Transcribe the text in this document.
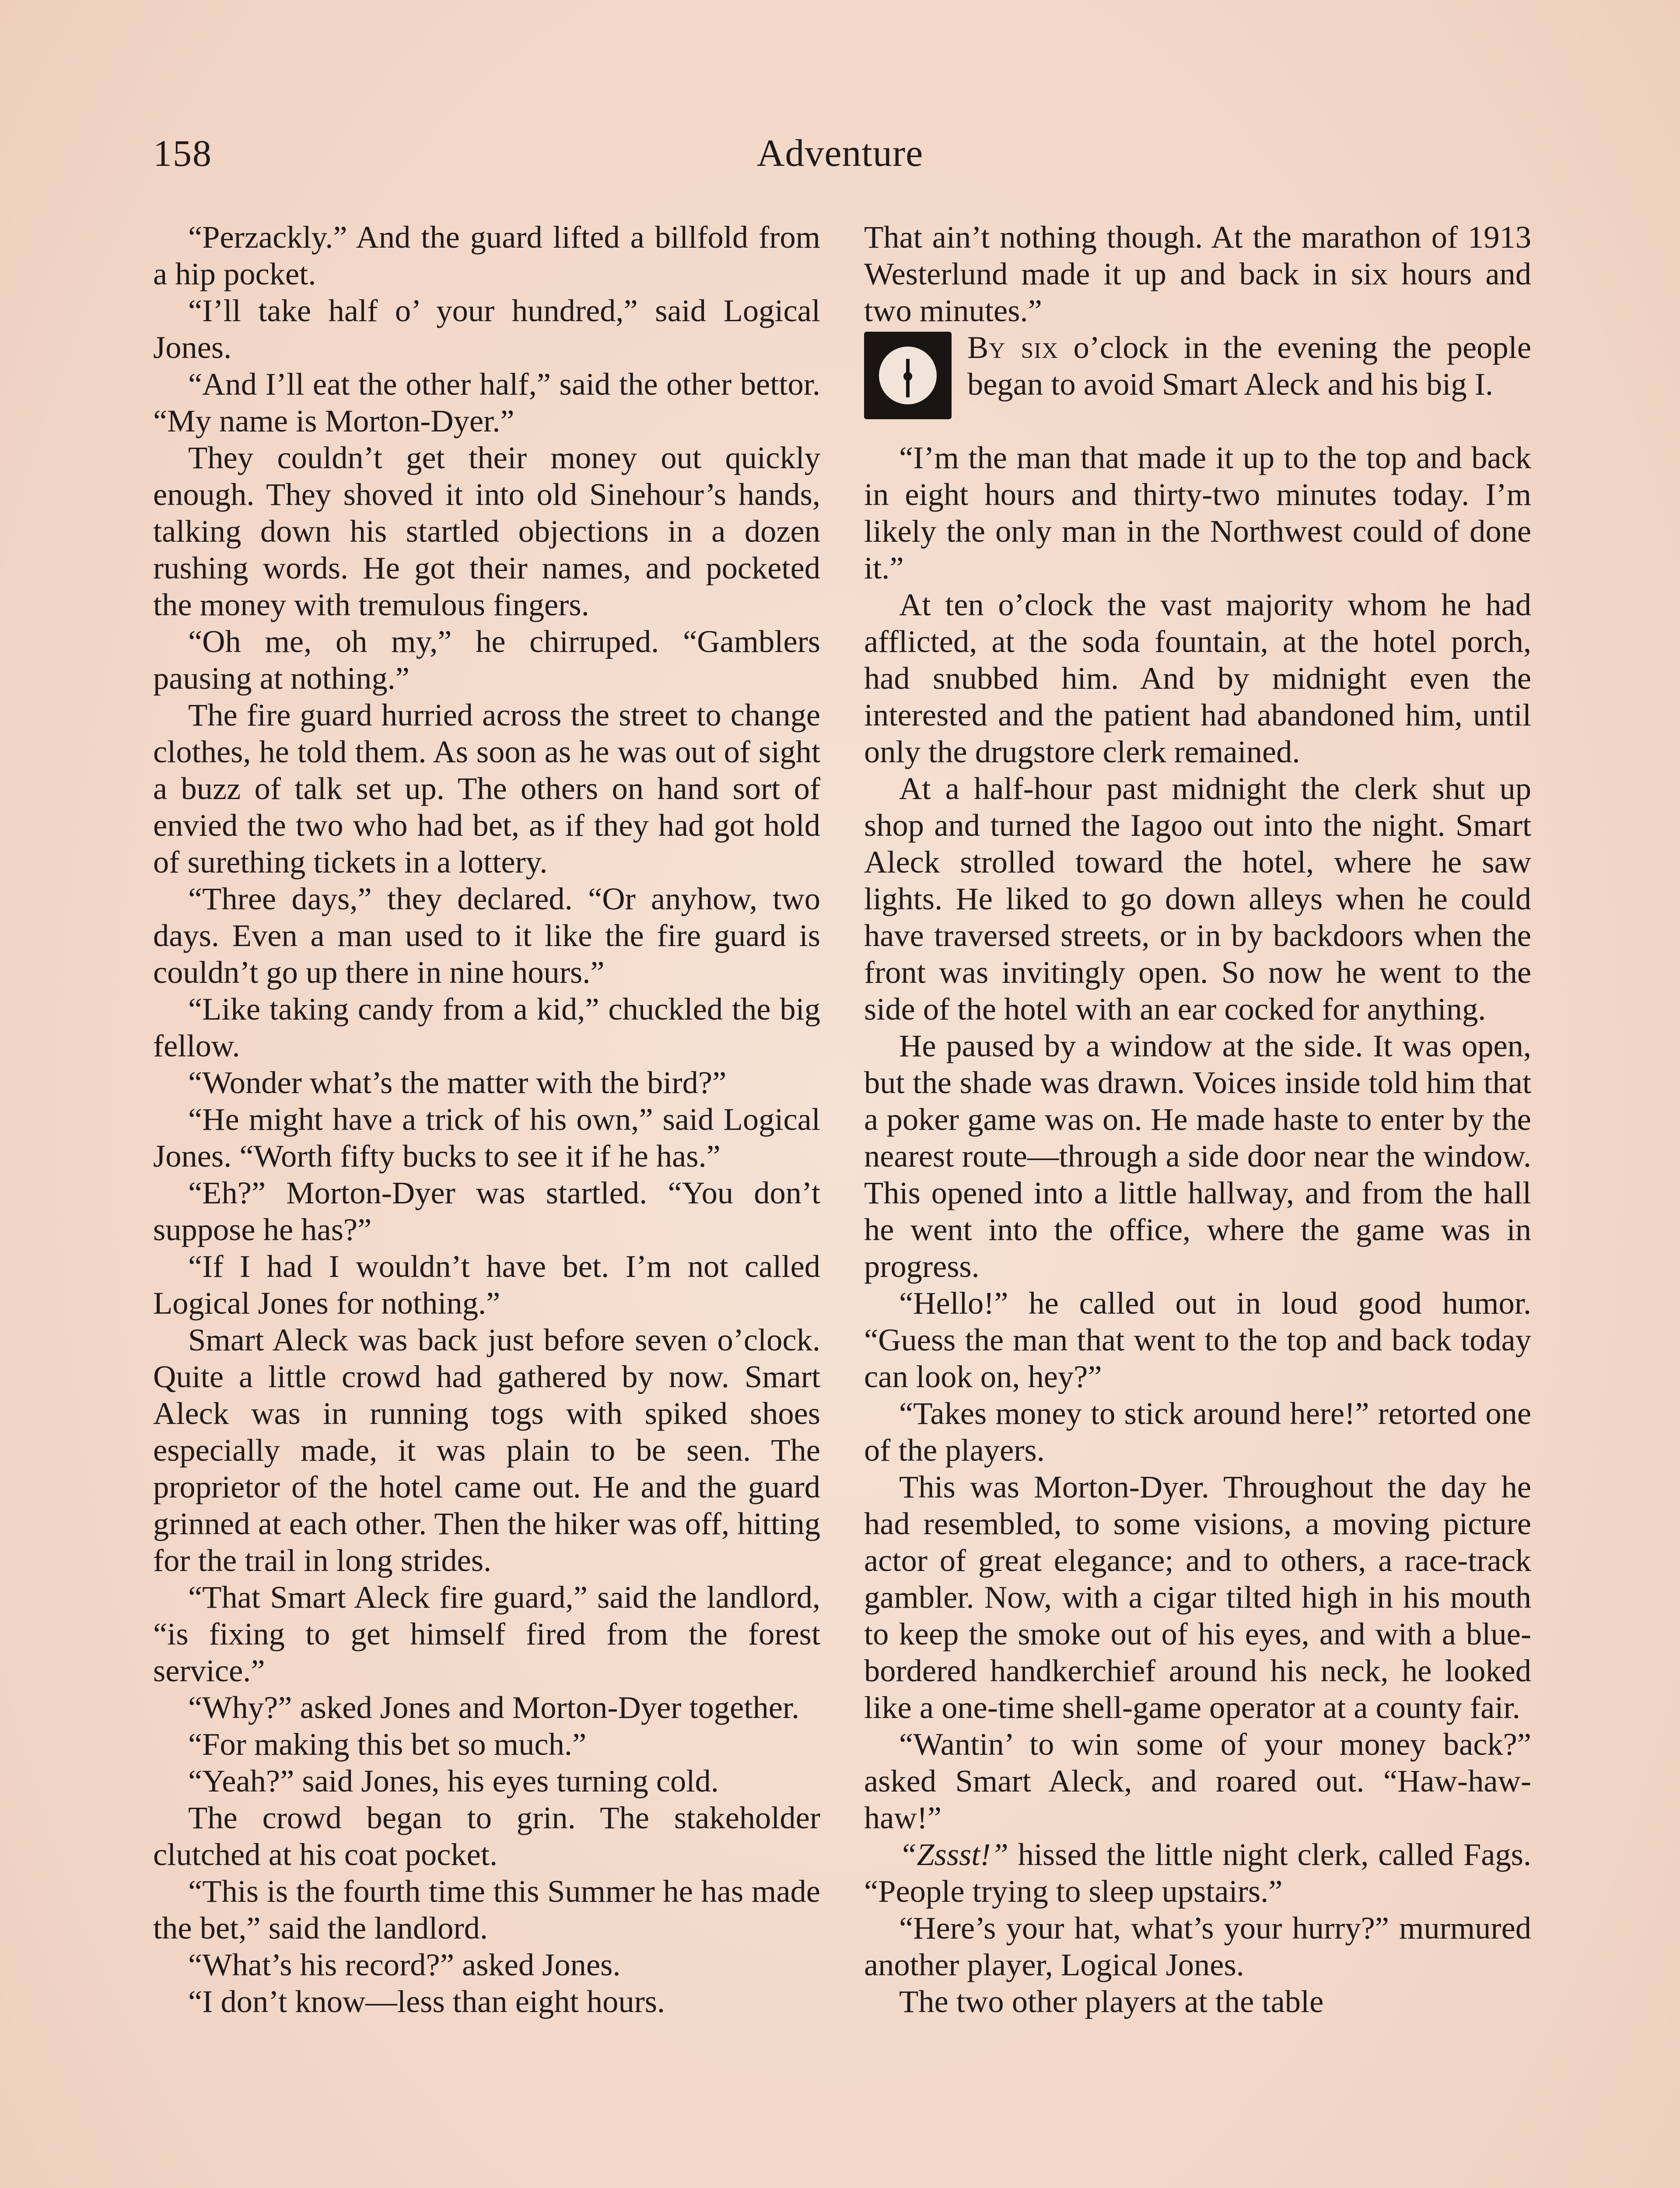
158	Adventure

“Perzackly.” And the guard lifted a billfold from a hip pocket.

“I’ll take half o’ your hundred,” said Logical Jones.

“And I’ll eat the other half,” said the other bettor. “My name is Morton-Dyer.”

They couldn’t get their money out quickly enough. They shoved it into old Sinehour’s hands, talking down his startled objections in a dozen rushing words. He got their names, and pocketed the money with tremulous fingers.

“Oh me, oh my,” he chirruped. “Gamblers pausing at nothing.”

The fire guard hurried across the street to change clothes, he told them. As soon as he was out of sight a buzz of talk set up. The others on hand sort of envied the two who had bet, as if they had got hold of surething tickets in a lottery.

“Three days,” they declared. “Or anyhow, two days. Even a man used to it like the fire guard is couldn’t go up there in nine hours.”

“Like taking candy from a kid,” chuckled the big fellow.

“Wonder what’s the matter with the bird?”

“He might have a trick of his own,” said Logical Jones. “Worth fifty bucks to see it if he has.”

“Eh?” Morton-Dyer was startled. “You don’t suppose he has?”

“If I had I wouldn’t have bet. I’m not called Logical Jones for nothing.”

Smart Aleck was back just before seven o’clock. Quite a little crowd had gathered by now. Smart Aleck was in running togs with spiked shoes especially made, it was plain to be seen. The proprietor of the hotel came out. He and the guard grinned at each other. Then the hiker was off, hitting for the trail in long strides.

“That Smart Aleck fire guard,” said the landlord, “is fixing to get himself fired from the forest service.”

“Why?” asked Jones and Morton-Dyer together.

“For making this bet so much.”

“Yeah?” said Jones, his eyes turning cold.

The crowd began to grin. The stakeholder clutched at his coat pocket.

“This is the fourth time this Summer he has made the bet,” said the landlord.

“What’s his record?” asked Jones.

“I don’t know—less than eight hours.

That ain’t nothing though. At the marathon of 1913 Westerlund made it up and back in six hours and two minutes.”

By six o’clock in the evening the people began to avoid Smart Aleck and his big I.

“I’m the man that made it up to the top and back in eight hours and thirty-two minutes today. I’m likely the only man in the Northwest could of done it.”

At ten o’clock the vast majority whom he had afflicted, at the soda fountain, at the hotel porch, had snubbed him. And by midnight even the interested and the patient had abandoned him, until only the drugstore clerk remained.

At a half-hour past midnight the clerk shut up shop and turned the Iagoo out into the night. Smart Aleck strolled toward the hotel, where he saw lights. He liked to go down alleys when he could have traversed streets, or in by backdoors when the front was invitingly open. So now he went to the side of the hotel with an ear cocked for anything.

He paused by a window at the side. It was open, but the shade was drawn. Voices inside told him that a poker game was on. He made haste to enter by the nearest route—through a side door near the window. This opened into a little hallway, and from the hall he went into the office, where the game was in progress.

“Hello!” he called out in loud good humor. “Guess the man that went to the top and back today can look on, hey?”

“Takes money to stick around here!” retorted one of the players.

This was Morton-Dyer. Throughout the day he had resembled, to some visions, a moving picture actor of great elegance; and to others, a race-track gambler. Now, with a cigar tilted high in his mouth to keep the smoke out of his eyes, and with a blue-bordered handkerchief around his neck, he looked like a one-time shell-game operator at a county fair.

“Wantin’ to win some of your money back?” asked Smart Aleck, and roared out. “Haw-haw-haw!”

“Zssst!” hissed the little night clerk, called Fags. “People trying to sleep upstairs.”

“Here’s your hat, what’s your hurry?” murmured another player, Logical Jones.

The two other players at the table
